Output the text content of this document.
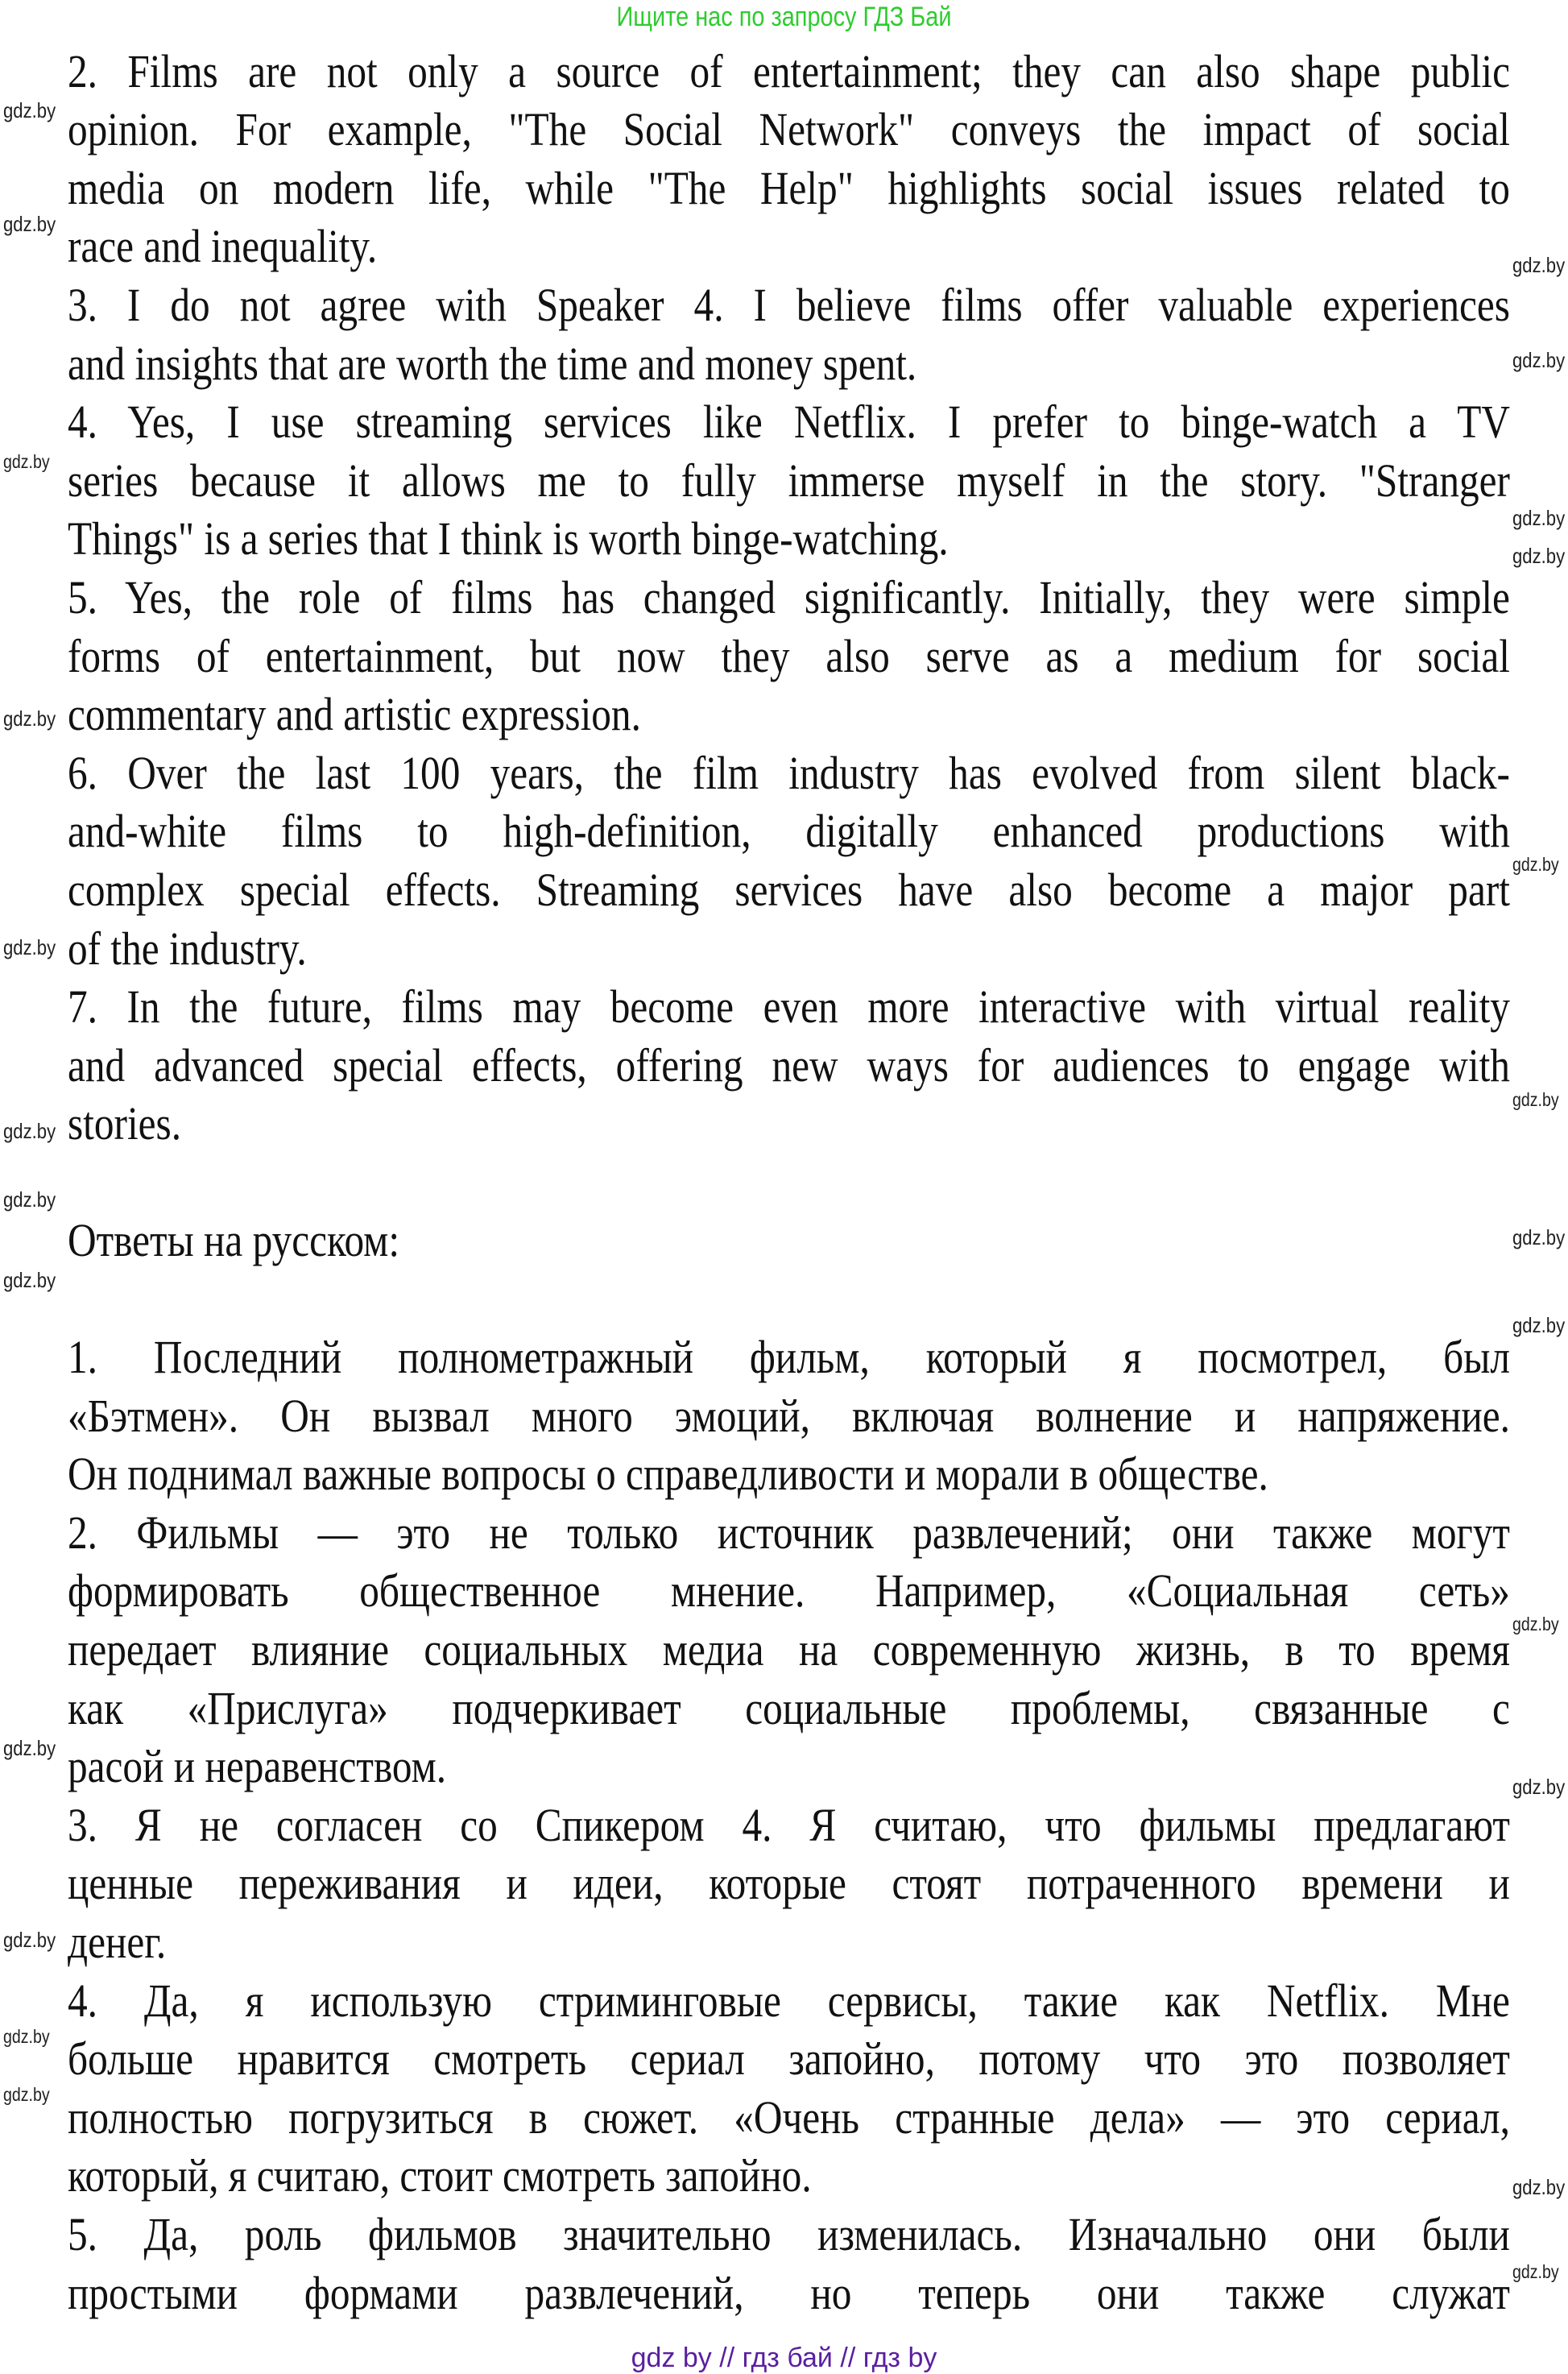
Ищите нас по запросу ГДЗ Бай
2. Films are not only a source of entertainment; they can also shape public
opinion. For example, "The Social Network" conveys the impact of social
media on modern life, while "The Help" highlights social issues related to
race and inequality.
3. I do not agree with Speaker 4. I believe films offer valuable experiences
and insights that are worth the time and money spent.
4. Yes, I use streaming services like Netflix. I prefer to binge-watch a TV
series because it allows me to fully immerse myself in the story. "Stranger
Things" is a series that I think is worth binge-watching.
5. Yes, the role of films has changed significantly. Initially, they were simple
forms of entertainment, but now they also serve as a medium for social
commentary and artistic expression.
6. Over the last 100 years, the film industry has evolved from silent black-
and-white films to high-definition, digitally enhanced productions with
complex special effects. Streaming services have also become a major part
of the industry.
7. In the future, films may become even more interactive with virtual reality
and advanced special effects, offering new ways for audiences to engage with
stories.
Ответы на русском:
1. Последний полнометражный фильм, который я посмотрел, был
«Бэтмен». Он вызвал много эмоций, включая волнение и напряжение.
Он поднимал важные вопросы о справедливости и морали в обществе.
2. Фильмы — это не только источник развлечений; они также могут
формировать общественное мнение. Например, «Социальная сеть»
передает влияние социальных медиа на современную жизнь, в то время
как «Прислуга» подчеркивает социальные проблемы, связанные с
расой и неравенством.
3. Я не согласен со Спикером 4. Я считаю, что фильмы предлагают
ценные переживания и идеи, которые стоят потраченного времени и
денег.
4. Да, я использую стриминговые сервисы, такие как Netflix. Мне
больше нравится смотреть сериал запойно, потому что это позволяет
полностью погрузиться в сюжет. «Очень странные дела» — это сериал,
который, я считаю, стоит смотреть запойно.
5. Да, роль фильмов значительно изменилась. Изначально они были
простыми формами развлечений, но теперь они также служат
gdz.by
gdz.by
gdz.by
gdz.by
gdz.by
gdz.by
gdz.by
gdz.by
gdz.by
gdz.by
gdz.by
gdz.by
gdz.by
gdz.by
gdz.by
gdz.by
gdz.by
gdz.by
gdz.by
gdz.by
gdz.by
gdz.by
gdz.by
gdz.by
gdz by // гдз бай // гдз by
